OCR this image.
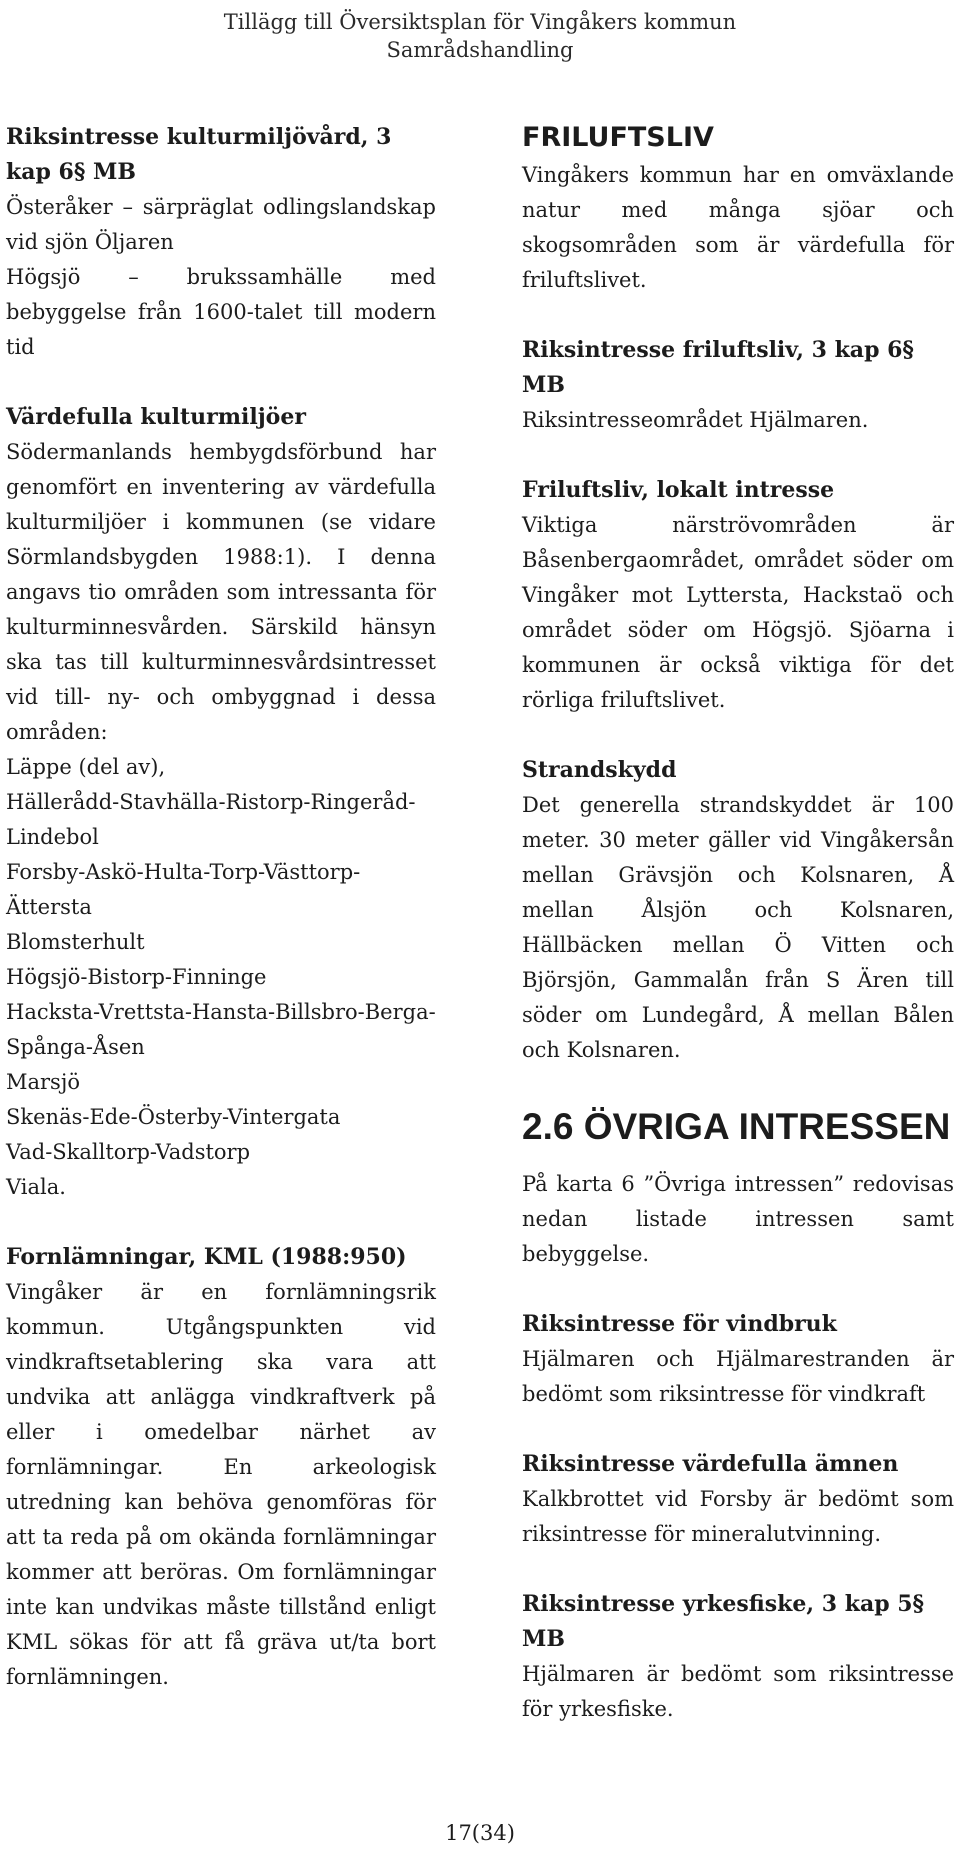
Tillägg till Översiktsplan för Vingåkers kommun
Samrådshandling

Riksintresse kulturmiljövård, 3 kap 6§ MB

Österåker – särpräglat odlingslandskap vid sjön Öljaren

Högsjö – brukssamhälle med bebyggelse från 1600-talet till modern tid

Värdefulla kulturmiljöer

Södermanlands hembygdsförbund har genomfört en inventering av värdefulla kulturmiljöer i kommunen (se vidare Sörmlandsbygden 1988:1). I denna angavs tio områden som intressanta för kulturminnesvården. Särskild hänsyn ska tas till kulturminnesvårdsintresset vid till- ny- och ombyggnad i dessa områden:

Läppe (del av),

Hällerådd-Stavhälla-Ristorp-Ringeråd-Lindebol

Forsby-Askö-Hulta-Torp-Västtorp-Ättersta

Blomsterhult

Högsjö-Bistorp-Finninge

Hacksta-Vrettsta-Hansta-Billsbro-Berga-Spånga-Åsen

Marsjö

Skenäs-Ede-Österby-Vintergata

Vad-Skalltorp-Vadstorp

Viala.

Fornlämningar, KML (1988:950)

Vingåker är en fornlämningsrik kommun. Utgångspunkten vid vindkraftsetablering ska vara att undvika att anlägga vindkraftverk på eller i omedelbar närhet av fornlämningar. En arkeologisk utredning kan behöva genomföras för att ta reda på om okända fornlämningar kommer att beröras. Om fornlämningar inte kan undvikas måste tillstånd enligt KML sökas för att få gräva ut/ta bort fornlämningen.

FRILUFTSLIV

Vingåkers kommun har en omväxlande natur med många sjöar och skogsområden som är värdefulla för friluftslivet.

Riksintresse friluftsliv, 3 kap 6§ MB

Riksintresseområdet Hjälmaren.

Friluftsliv, lokalt intresse

Viktiga närströvområden är Båsenbergaområdet, området söder om Vingåker mot Lyttersta, Hackstaö och området söder om Högsjö. Sjöarna i kommunen är också viktiga för det rörliga friluftslivet.

Strandskydd

Det generella strandskyddet är 100 meter. 30 meter gäller vid Vingåkersån mellan Grävsjön och Kolsnaren, Å mellan Ålsjön och Kolsnaren, Hällbäcken mellan Ö Vitten och Björsjön, Gammalån från S Ären till söder om Lundegård, Å mellan Bålen och Kolsnaren.

2.6 ÖVRIGA INTRESSEN

På karta 6 ”Övriga intressen” redovisas nedan listade intressen samt bebyggelse.

Riksintresse för vindbruk

Hjälmaren och Hjälmarestranden är bedömt som riksintresse för vindkraft

Riksintresse värdefulla ämnen

Kalkbrottet vid Forsby är bedömt som riksintresse för mineralutvinning.

Riksintresse yrkesfiske, 3 kap 5§ MB

Hjälmaren är bedömt som riksintresse för yrkesfiske.

17(34)
